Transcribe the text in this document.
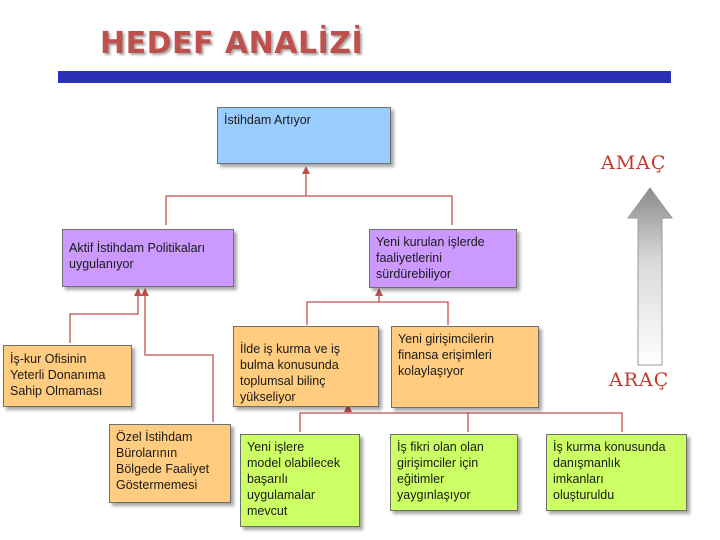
HEDEF ANALİZİ
AMAÇ
ARAÇ
İstihdam Artıyor
Aktif İstihdam Politikaları
uygulanıyor
Yeni kurulan işlerde
faaliyetlerini
sürdürebiliyor
İş-kur Ofisinin
Yeterli Donanıma
Sahip Olmaması
Özel İstihdam
Bürolarının
Bölgede Faaliyet
Göstermemesi
İlde iş kurma ve iş
bulma konusunda
toplumsal bilinç
yükseliyor
Yeni girişimcilerin
finansa erişimleri
kolaylaşıyor
Yeni işlere
model olabilecek
başarılı
uygulamalar
mevcut
İş fikri olan olan
girişimciler için
eğitimler
yaygınlaşıyor
İş kurma konusunda
danışmanlık
imkanları
oluşturuldu
